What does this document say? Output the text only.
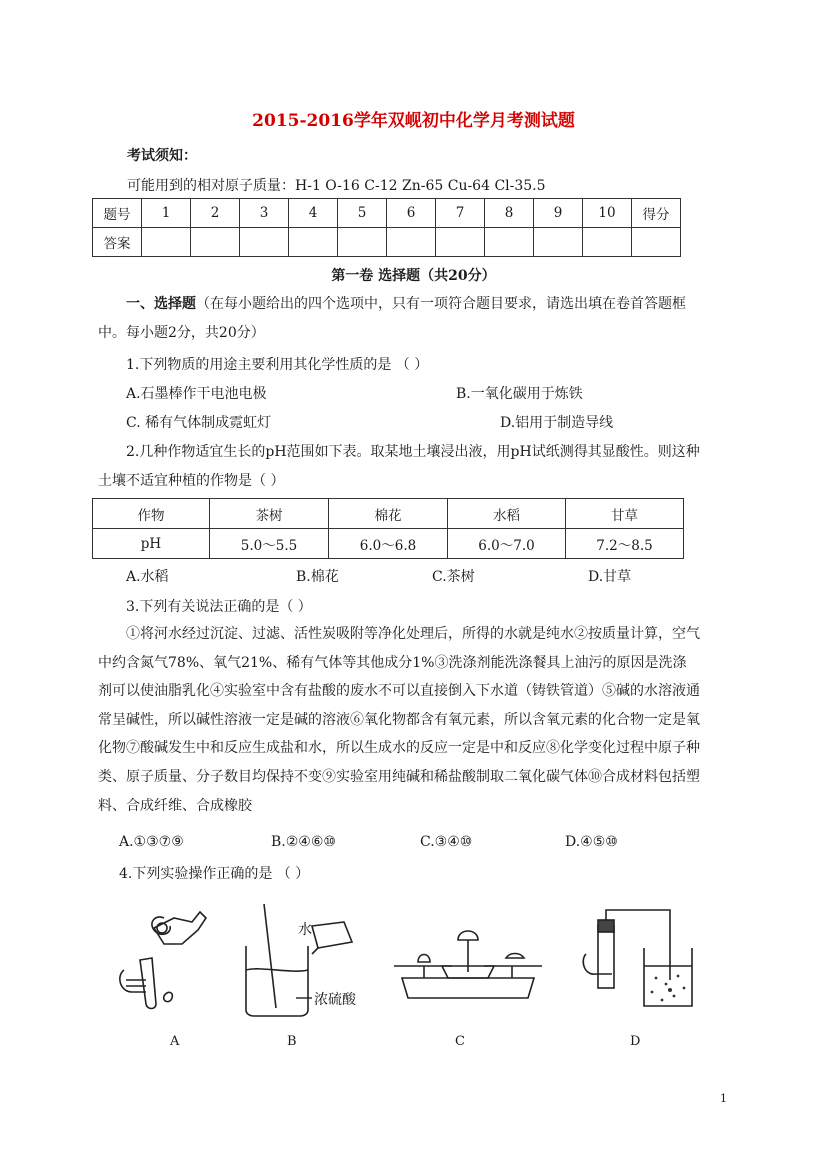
2015-2016学年双岘初中化学月考测试题
考试须知：
可能用到的相对原子质量：H-1 O-16 C-12 Zn-65 Cu-64 Cl-35.5
题号	1	2	3	4	5	6	7	8	9	10	得分
答案											
第一卷 选择题（共20分）
一、选择题（在每小题给出的四个选项中，只有一项符合题目要求，请选出填在卷首答题框
中。每小题2分，共20分）
1.下列物质的用途主要利用其化学性质的是 （ ）
A.石墨棒作干电池电极	B.一氧化碳用于炼铁
C. 稀有气体制成霓虹灯	D.铝用于制造导线
2.几种作物适宜生长的pH范围如下表。取某地土壤浸出液，用pH试纸测得其显酸性。则这种
土壤不适宜种植的作物是（ ）
作物	茶树	棉花	水稻	甘草
pH	5.0～5.5	6.0～6.8	6.0～7.0	7.2～8.5
A.水稻	B.棉花	C.茶树	D.甘草
3.下列有关说法正确的是（ ）
①将河水经过沉淀、过滤、活性炭吸附等净化处理后，所得的水就是纯水②按质量计算，空气
中约含氮气78%、氧气21%、稀有气体等其他成分1%③洗涤剂能洗涤餐具上油污的原因是洗涤
剂可以使油脂乳化④实验室中含有盐酸的废水不可以直接倒入下水道（铸铁管道）⑤碱的水溶液通
常呈碱性，所以碱性溶液一定是碱的溶液⑥氧化物都含有氧元素，所以含氧元素的化合物一定是氧
化物⑦酸碱发生中和反应生成盐和水，所以生成水的反应一定是中和反应⑧化学变化过程中原子种
类、原子质量、分子数目均保持不变⑨实验室用纯碱和稀盐酸制取二氧化碳气体⑩合成材料包括塑
料、合成纤维、合成橡胶
A.①③⑦⑨	B.②④⑥⑩	C.③④⑩	D.④⑤⑩
4.下列实验操作正确的是 （ ）
A
水
浓硫酸
B	C	D
1
